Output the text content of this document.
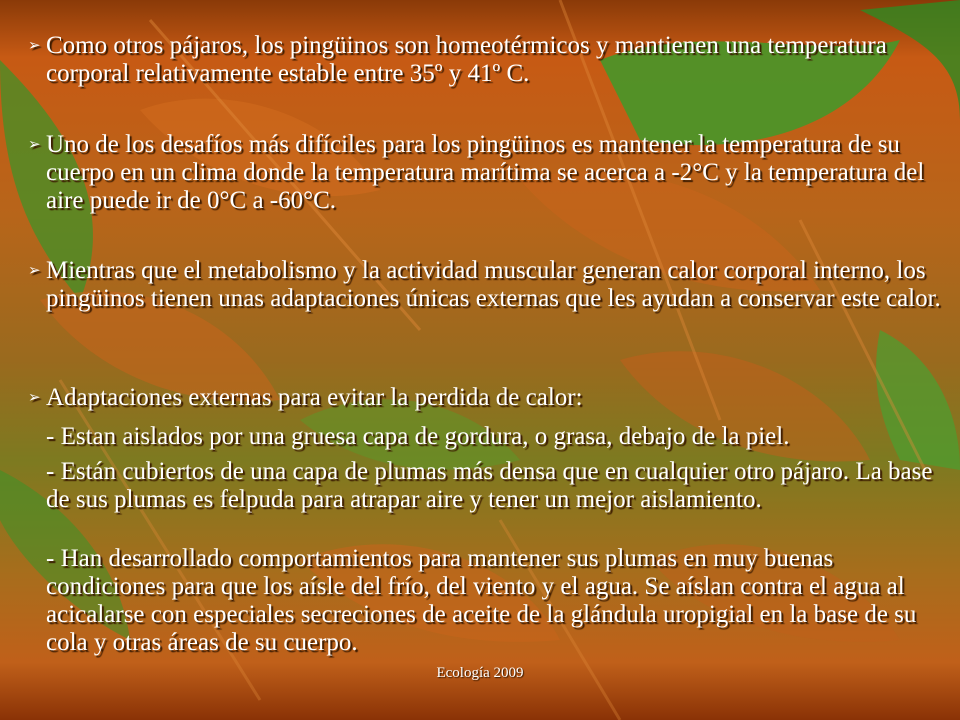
➢ Como otros pájaros, los pingüinos son homeotérmicos y mantienen una temperatura corporal relativamente estable entre 35º y 41º C.
➢ Uno de los desafíos más difíciles para los pingüinos es mantener la temperatura de su cuerpo en un clima donde la temperatura marítima se acerca a -2°C y la temperatura del aire puede ir de 0°C a -60°C.
➢ Mientras que el metabolismo y la actividad muscular generan calor corporal interno, los pingüinos tienen unas adaptaciones únicas externas que les ayudan a conservar este calor.
➢ Adaptaciones externas para evitar la perdida de calor:
- Estan aislados por una gruesa capa de gordura, o grasa, debajo de la piel.
- Están cubiertos de una capa de plumas más densa que en cualquier otro pájaro. La base de sus plumas es felpuda para atrapar aire y tener un mejor aislamiento.
- Han desarrollado comportamientos para mantener sus plumas en muy buenas condiciones para que los aísle del frío, del viento y el agua. Se aíslan contra el agua al acicalarse con especiales secreciones de aceite de la glándula uropigial en la base de su cola y otras áreas de su cuerpo.
Ecología 2009
